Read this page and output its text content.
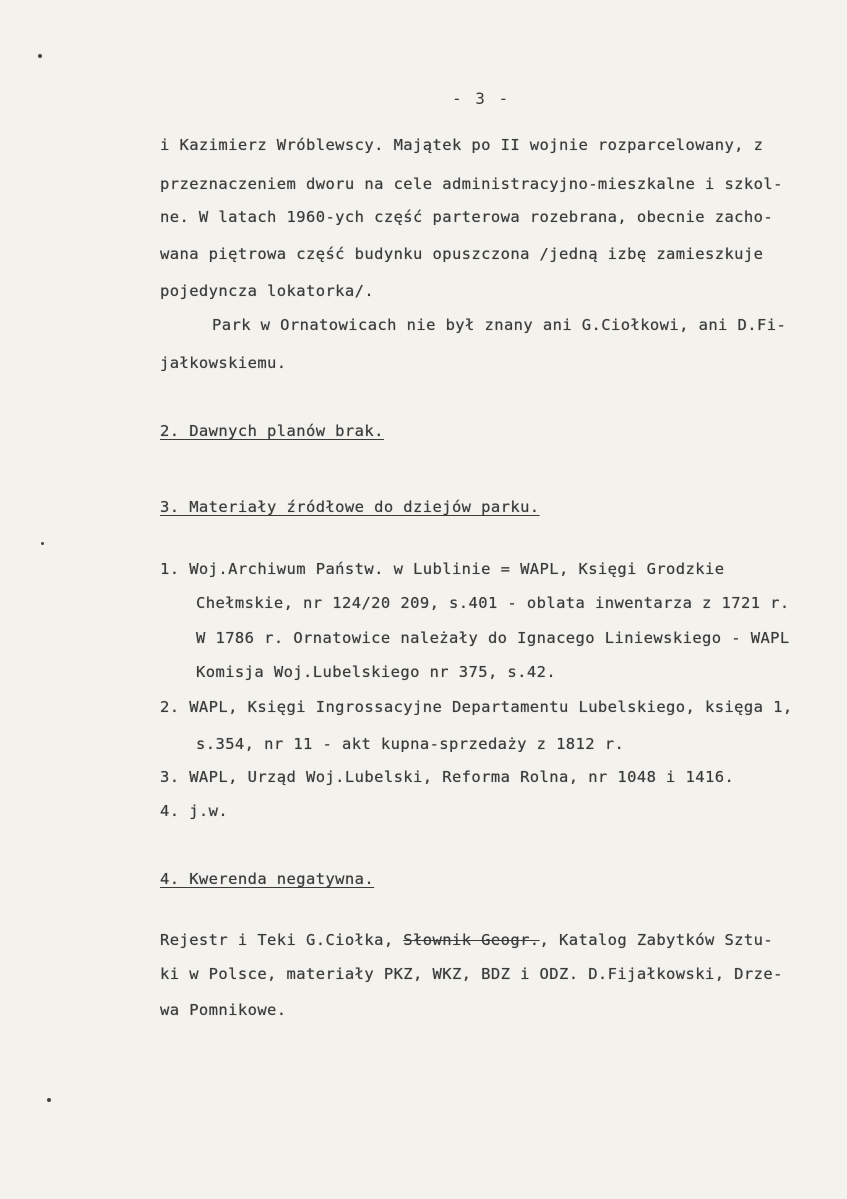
- 3 -
i Kazimierz Wróblewscy. Majątek po II wojnie rozparcelowany, z
przeznaczeniem dworu na cele administracyjno-mieszkalne i szkol-
ne. W latach 1960-ych część parterowa rozebrana, obecnie zacho-
wana piętrowa część budynku opuszczona /jedną izbę zamieszkuje
pojedyncza lokatorka/.
Park w Ornatowicach nie był znany ani G.Ciołkowi, ani D.Fi-
jałkowskiemu.
2. Dawnych planów brak.
3. Materiały źródłowe do dziejów parku.
1. Woj.Archiwum Państw. w Lublinie = WAPL, Księgi Grodzkie
Chełmskie, nr 124/20 209, s.401 - oblata inwentarza z 1721 r.
W 1786 r. Ornatowice należały do Ignacego Liniewskiego - WAPL
Komisja Woj.Lubelskiego nr 375, s.42.
2. WAPL, Księgi Ingrossacyjne Departamentu Lubelskiego, księga 1,
s.354, nr 11 - akt kupna-sprzedaży z 1812 r.
3. WAPL, Urząd Woj.Lubelski, Reforma Rolna, nr 1048 i 1416.
4. j.w.
4. Kwerenda negatywna.
Rejestr i Teki G.Ciołka, Słownik Geogr., Katalog Zabytków Sztu-
ki w Polsce, materiały PKZ, WKZ, BDZ i ODZ. D.Fijałkowski, Drze-
wa Pomnikowe.
